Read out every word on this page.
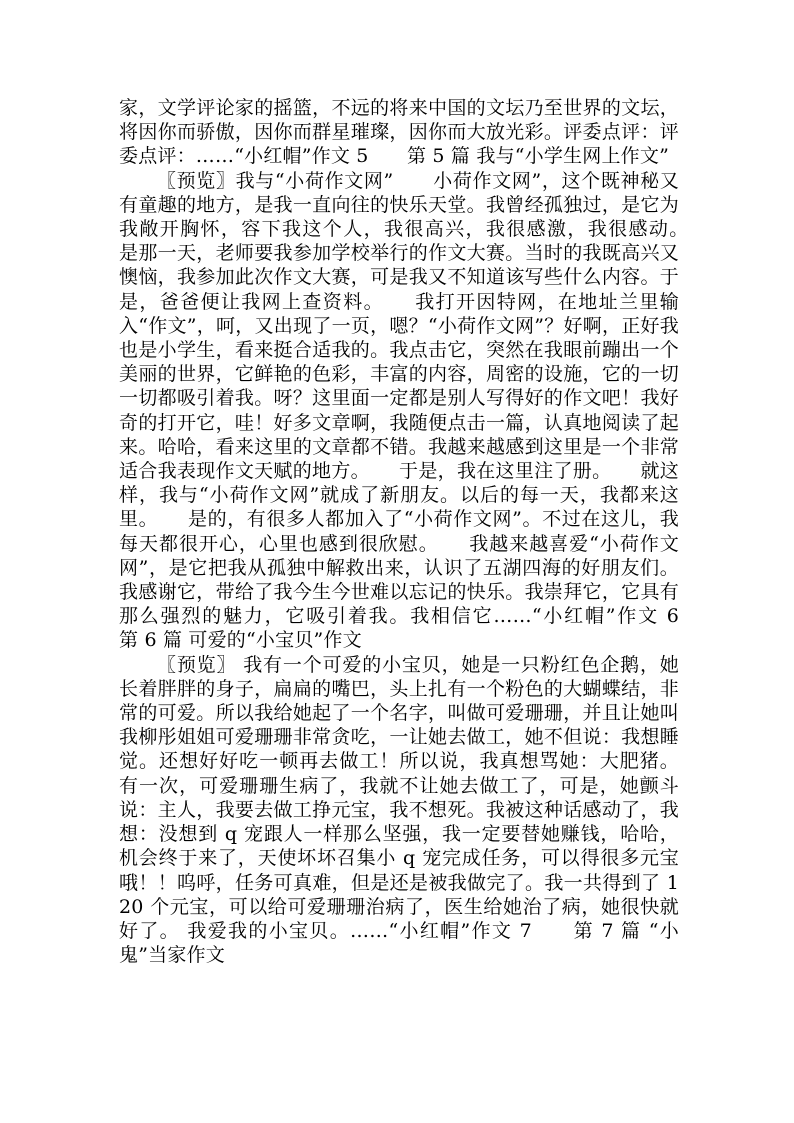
家，文学评论家的摇篮，不远的将来中国的文坛乃至世界的文坛，将因你而骄傲，因你而群星璀璨，因你而大放光彩。评委点评：评委点评：……“小红帽”作文 5　　第 5 篇 我与“小学生网上作文”

〖预览〗我与“小荷作文网”　　小荷作文网”，这个既神秘又有童趣的地方，是我一直向往的快乐天堂。我曾经孤独过，是它为我敞开胸怀，容下我这个人，我很高兴，我很感激，我很感动。　　是那一天，老师要我参加学校举行的作文大赛。当时的我既高兴又懊恼，我参加此次作文大赛，可是我又不知道该写些什么内容。于是，爸爸便让我网上查资料。　　我打开因特网，在地址兰里输入“作文”，呵，又出现了一页，嗯？“小荷作文网”？好啊，正好我也是小学生，看来挺合适我的。我点击它，突然在我眼前蹦出一个美丽的世界，它鲜艳的色彩，丰富的内容，周密的设施，它的一切一切都吸引着我。呀？这里面一定都是别人写得好的作文吧！我好奇的打开它，哇！好多文章啊，我随便点击一篇，认真地阅读了起来。哈哈，看来这里的文章都不错。我越来越感到这里是一个非常适合我表现作文天赋的地方。　　于是，我在这里注了册。　　就这样，我与“小荷作文网”就成了新朋友。以后的每一天，我都来这里。　　是的，有很多人都加入了“小荷作文网”。不过在这儿，我每天都很开心，心里也感到很欣慰。　　我越来越喜爱“小荷作文网”，是它把我从孤独中解救出来，认识了五湖四海的好朋友们。我感谢它，带给了我今生今世难以忘记的快乐。我崇拜它，它具有那么强烈的魅力，它吸引着我。我相信它……“小红帽”作文 6　　第 6 篇 可爱的“小宝贝”作文

〖预览〗 我有一个可爱的小宝贝，她是一只粉红色企鹅，她长着胖胖的身子，扁扁的嘴巴，头上扎有一个粉色的大蝴蝶结，非常的可爱。所以我给她起了一个名字，叫做可爱珊珊，并且让她叫我柳彤姐姐可爱珊珊非常贪吃，一让她去做工，她不但说：我想睡觉。还想好好吃一顿再去做工！所以说，我真想骂她：大肥猪。 有一次，可爱珊珊生病了，我就不让她去做工了，可是，她颤斗说：主人，我要去做工挣元宝，我不想死。我被这种话感动了，我想：没想到 q 宠跟人一样那么坚强，我一定要替她赚钱，哈哈，机会终于来了，天使坏坏召集小 q 宠完成任务，可以得很多元宝哦！！呜呼，任务可真难，但是还是被我做完了。我一共得到了 120 个元宝，可以给可爱珊珊治病了，医生给她治了病，她很快就好了。 我爱我的小宝贝。……“小红帽”作文 7　　第 7 篇 “小鬼”当家作文
